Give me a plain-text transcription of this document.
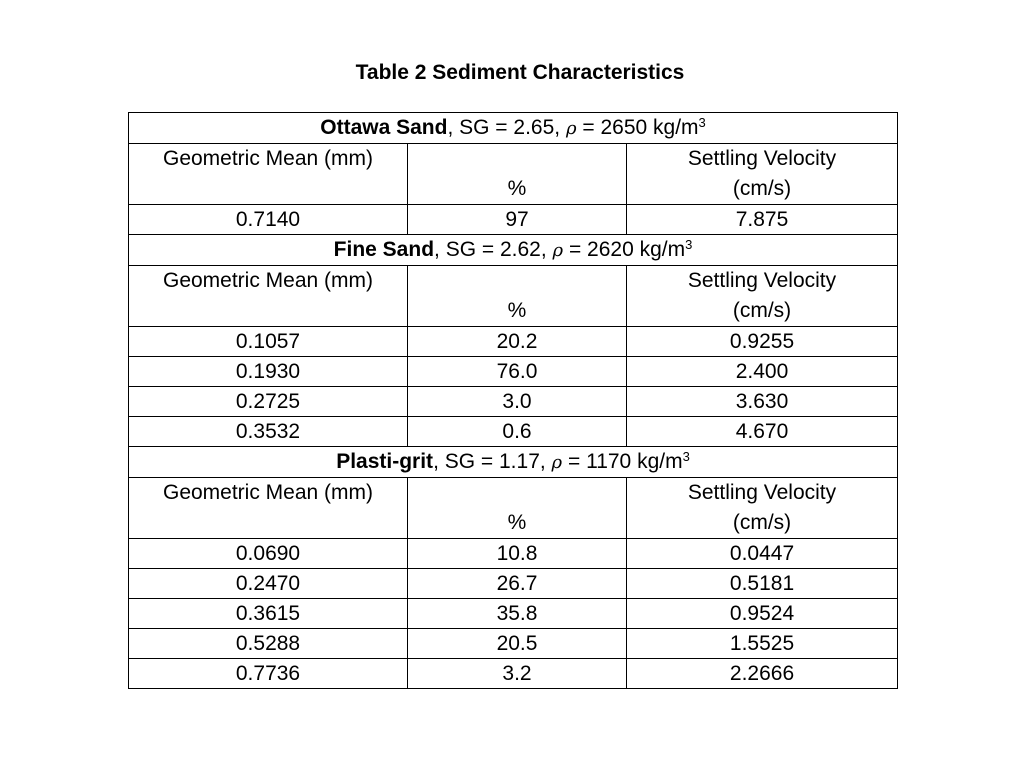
Table 2 Sediment Characteristics
Ottawa Sand, SG = 2.65, ρ = 2650 $kg/m^3$
Geometric Mean (mm)	%	Settling Velocity
(cm/s)

0.7140	97	7.875
Fine Sand, SG = 2.62, ρ = 2620 $kg/m^3$
Geometric Mean (mm)	%	Settling Velocity
(cm/s)

0.1057	20.2	0.9255
0.1930	76.0	2.400
0.2725	3.0	3.630
0.3532	0.6	4.670
Plasti-grit, SG = 1.17, ρ = 1170 $kg/m^3$
Geometric Mean (mm)	%	Settling Velocity
(cm/s)

0.0690	10.8	0.0447
0.2470	26.7	0.5181
0.3615	35.8	0.9524
0.5288	20.5	1.5525
0.7736	3.2	2.2666
